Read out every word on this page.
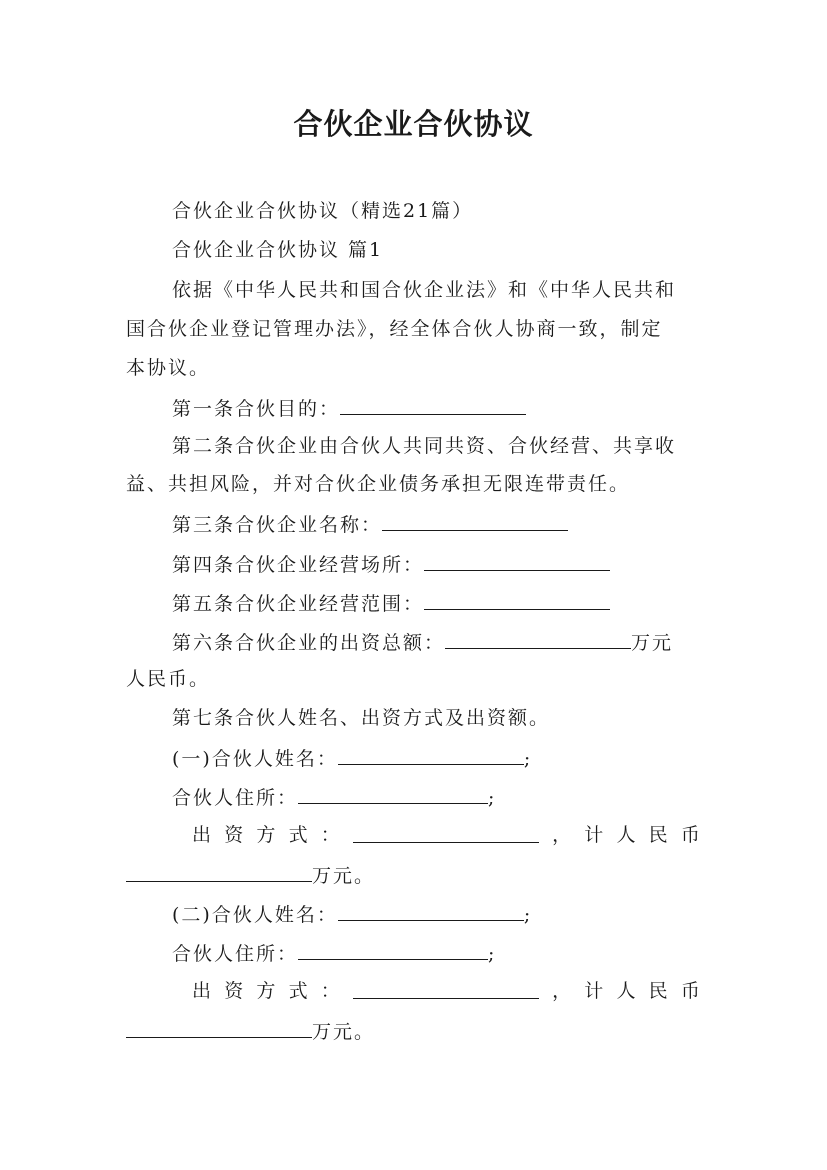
合伙企业合伙协议
合伙企业合伙协议（精选21篇）
合伙企业合伙协议 篇1
依据《中华人民共和国合伙企业法》和《中华人民共和
国合伙企业登记管理办法》，经全体合伙人协商一致，制定
本协议。
第一条合伙目的：
第二条合伙企业由合伙人共同共资、合伙经营、共享收
益、共担风险，并对合伙企业债务承担无限连带责任。
第三条合伙企业名称：
第四条合伙企业经营场所：
第五条合伙企业经营范围：
第六条合伙企业的出资总额：	万元
人民币。
第七条合伙人姓名、出资方式及出资额。
(一)合伙人姓名：	;
合伙人住所：	;
出 资 方 式 ：	， 计 人 民 币
万元。
(二)合伙人姓名：	;
合伙人住所：	;
出 资 方 式 ：	， 计 人 民 币
万元。
